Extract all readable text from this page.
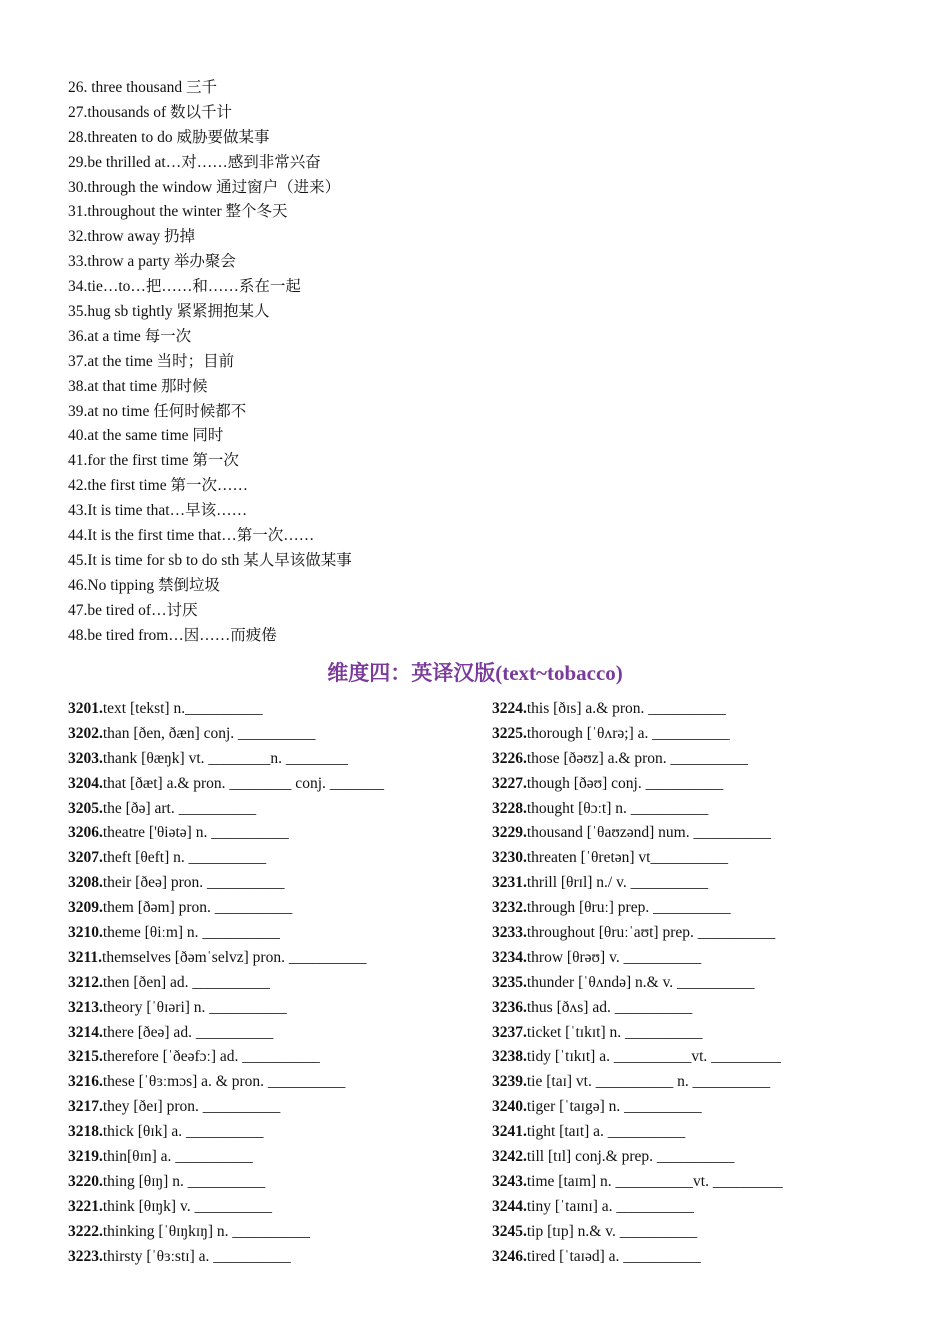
26. three thousand 三千
27.thousands of 数以千计
28.threaten to do 威胁要做某事
29.be thrilled at…对……感到非常兴奋
30.through the window 通过窗户（进来）
31.throughout the winter 整个冬天
32.throw away 扔掉
33.throw a party 举办聚会
34.tie…to…把……和……系在一起
35.hug sb tightly 紧紧拥抱某人
36.at a time 每一次
37.at the time 当时；目前
38.at that time 那时候
39.at no time 任何时候都不
40.at the same time 同时
41.for the first time 第一次
42.the first time 第一次……
43.It is time that…早该……
44.It is the first time that…第一次……
45.It is time for sb to do sth 某人早该做某事
46.No tipping 禁倒垃圾
47.be tired of…讨厌
48.be tired from…因……而疲倦
维度四：英译汉版(text~tobacco)
3201.text [tekst] n.__________
3202.than [ðen, ðæn] conj. __________
3203.thank [θæŋk] vt. ________n. ________
3204.that [ðæt] a.& pron. ________ conj. _______
3205.the [ðə] art. __________
3206.theatre ['θiətə] n. __________
3207.theft [θeft] n. __________
3208.their [ðeə] pron. __________
3209.them [ðəm] pron. __________
3210.theme [θiːm] n. __________
3211.themselves [ðəmˈselvz] pron. __________
3212.then [ðen] ad. __________
3213.theory [ˈθɪəri] n. __________
3214.there [ðeə] ad. __________
3215.therefore [ˈðeəfɔː] ad. __________
3216.these [ˈθɜːmɔs] a. & pron. __________
3217.they [ðeɪ] pron. __________
3218.thick [θɪk] a. __________
3219.thin[θɪn] a. __________
3220.thing [θɪŋ] n. __________
3221.think [θɪŋk] v. __________
3222.thinking [ˈθɪŋkɪŋ] n. __________
3223.thirsty [ˈθɜːstɪ] a. __________
3224.this [ðɪs] a.& pron. __________
3225.thorough [ˈθʌrə;] a. __________
3226.those [ðəʊz] a.& pron. __________
3227.though [ðəʊ] conj. __________
3228.thought [θɔːt] n. __________
3229.thousand [ˈθaʊzənd] num. __________
3230.threaten [ˈθretən] vt__________
3231.thrill [θrɪl] n./ v. __________
3232.through [θruː] prep. __________
3233.throughout [θruːˈaʊt] prep. __________
3234.throw [θrəʊ] v. __________
3235.thunder [ˈθʌndə] n.& v. __________
3236.thus [ðʌs] ad. __________
3237.ticket [ˈtɪkɪt] n. __________
3238.tidy [ˈtɪkɪt] a. __________vt. _________
3239.tie [taɪ] vt. __________ n. __________
3240.tiger [ˈtaɪgə] n. __________
3241.tight [taɪt] a. __________
3242.till [tɪl] conj.& prep. __________
3243.time [taɪm] n. __________vt. _________
3244.tiny [ˈtaɪnɪ] a. __________
3245.tip [tɪp] n.& v. __________
3246.tired [ˈtaɪəd] a. __________
